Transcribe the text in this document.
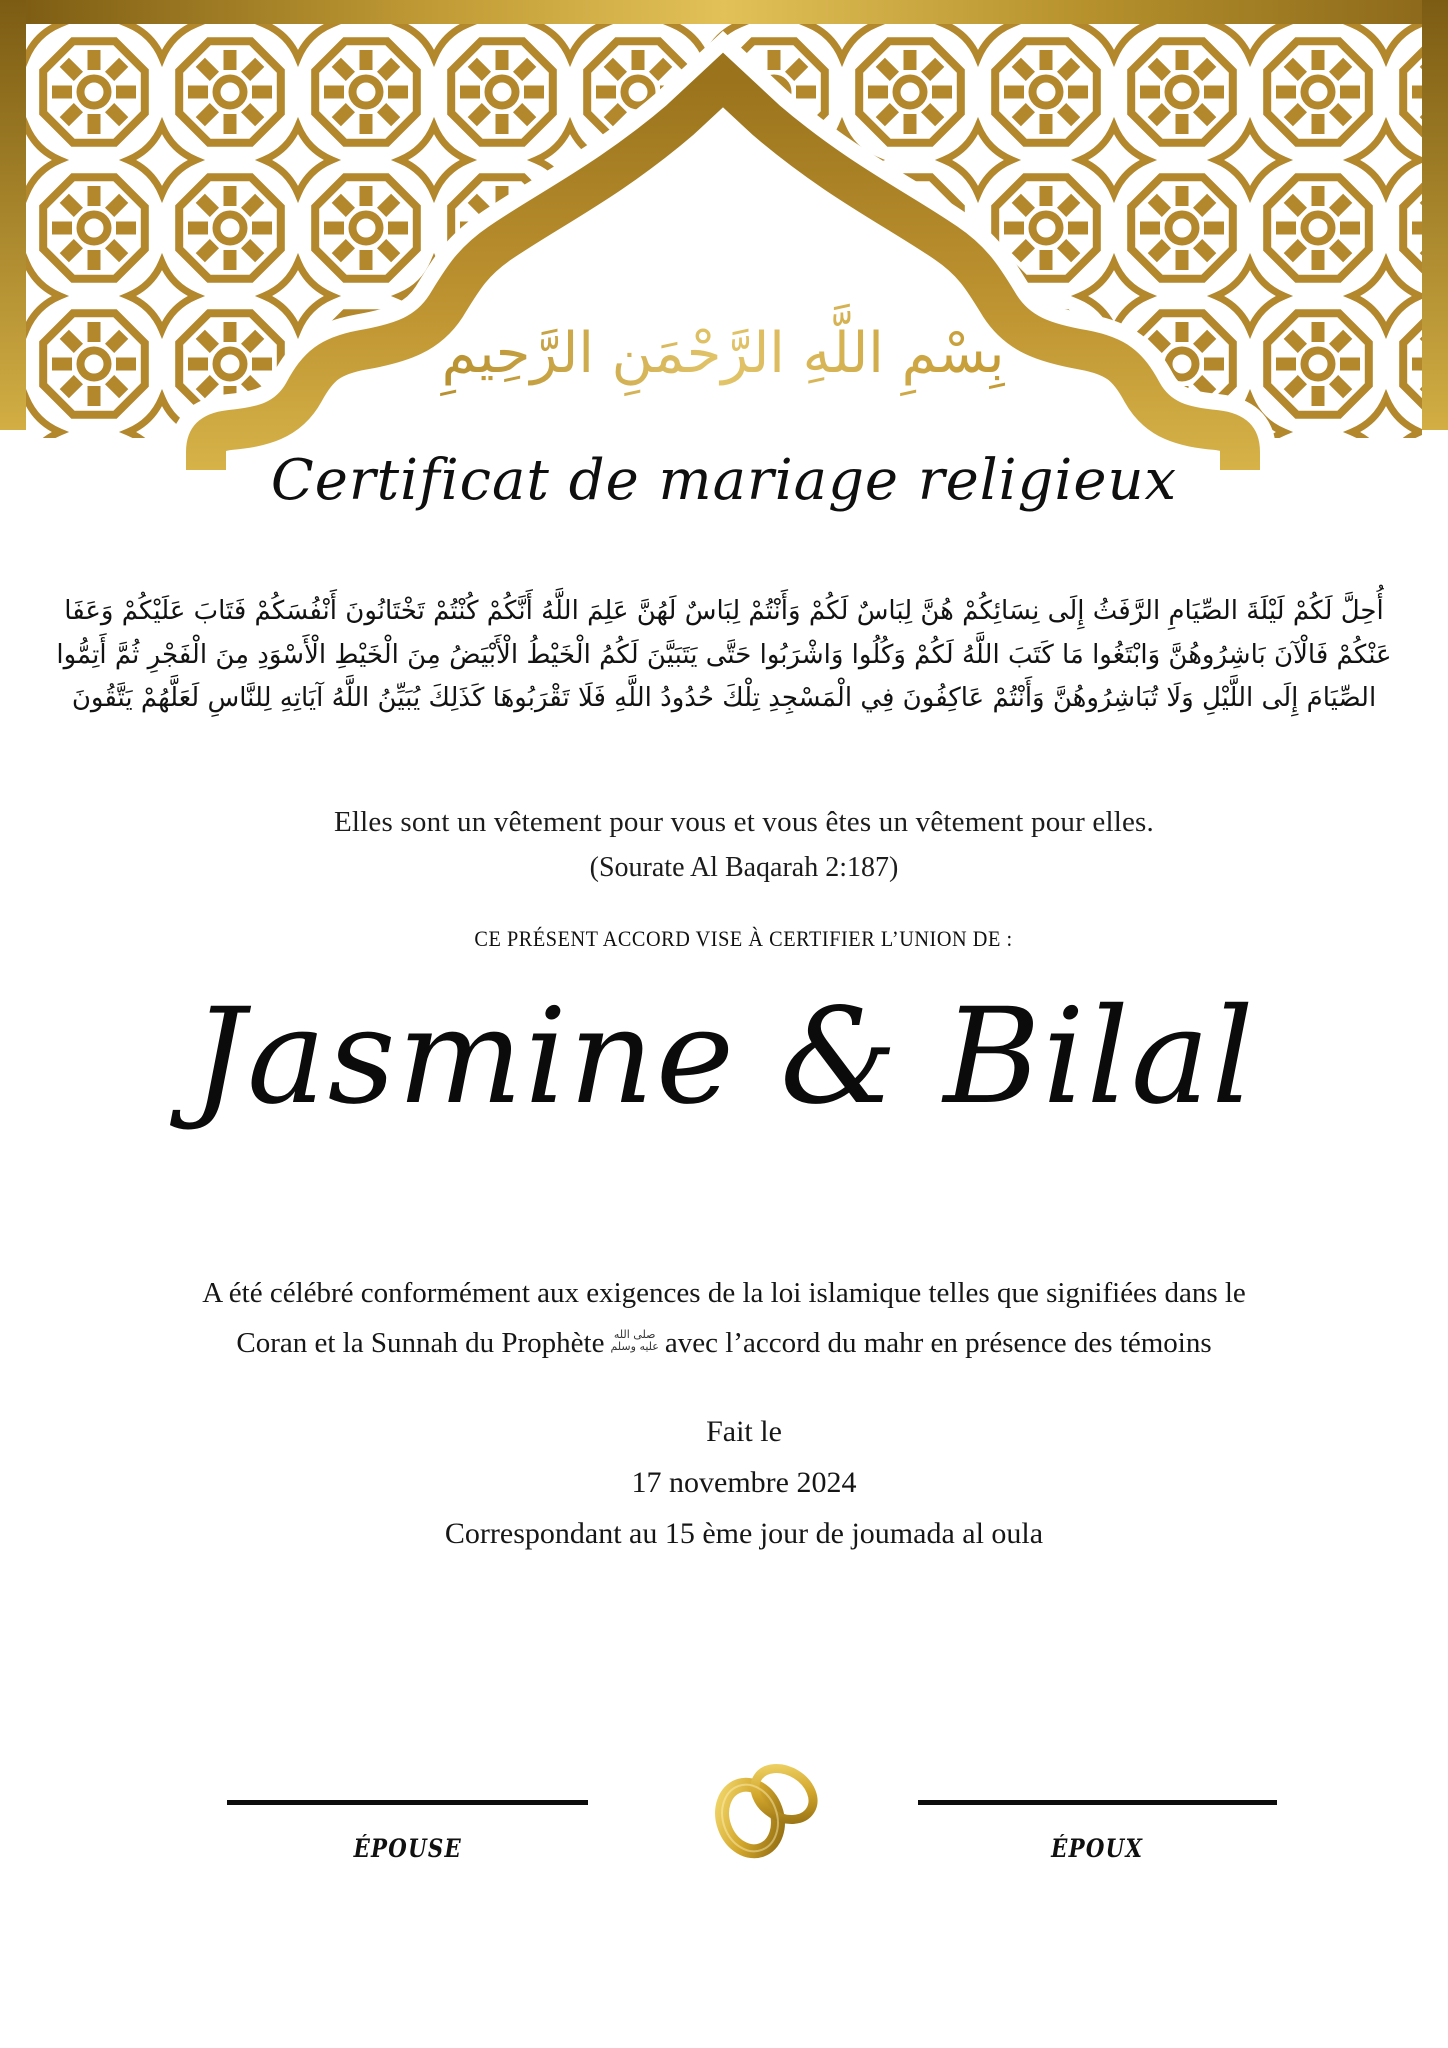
بِسْمِ اللَّهِ الرَّحْمَنِ الرَّحِيمِ
Certificat de mariage religieux
أُحِلَّ لَكُمْ لَيْلَةَ الصِّيَامِ الرَّفَثُ إِلَى نِسَائِكُمْ هُنَّ لِبَاسٌ لَكُمْ وَأَنْتُمْ لِبَاسٌ لَهُنَّ عَلِمَ اللَّهُ أَنَّكُمْ كُنْتُمْ تَخْتَانُونَ أَنْفُسَكُمْ فَتَابَ عَلَيْكُمْ وَعَفَا عَنْكُمْ فَالْآنَ بَاشِرُوهُنَّ وَابْتَغُوا مَا كَتَبَ اللَّهُ لَكُمْ وَكُلُوا وَاشْرَبُوا حَتَّى يَتَبَيَّنَ لَكُمُ الْخَيْطُ الْأَبْيَضُ مِنَ الْخَيْطِ الْأَسْوَدِ مِنَ الْفَجْرِ ثُمَّ أَتِمُّوا الصِّيَامَ إِلَى اللَّيْلِ وَلَا تُبَاشِرُوهُنَّ وَأَنْتُمْ عَاكِفُونَ فِي الْمَسْجِدِ تِلْكَ حُدُودُ اللَّهِ فَلَا تَقْرَبُوهَا كَذَلِكَ يُبَيِّنُ اللَّهُ آيَاتِهِ لِلنَّاسِ لَعَلَّهُمْ يَتَّقُونَ
Elles sont un vêtement pour vous et vous êtes un vêtement pour elles.
(Sourate Al Baqarah 2:187)
CE PRÉSENT ACCORD VISE À CERTIFIER L’UNION DE :
Jasmine & Bilal
A été célébré conformément aux exigences de la loi islamique telles que signifiées dans le
Coran et la Sunnah du Prophète صلى الله
عليه وسلم avec l’accord du mahr en présence des témoins
Fait le
17 novembre 2024
Correspondant au 15 ème jour de joumada al oula
ÉPOUSE	ÉPOUX
